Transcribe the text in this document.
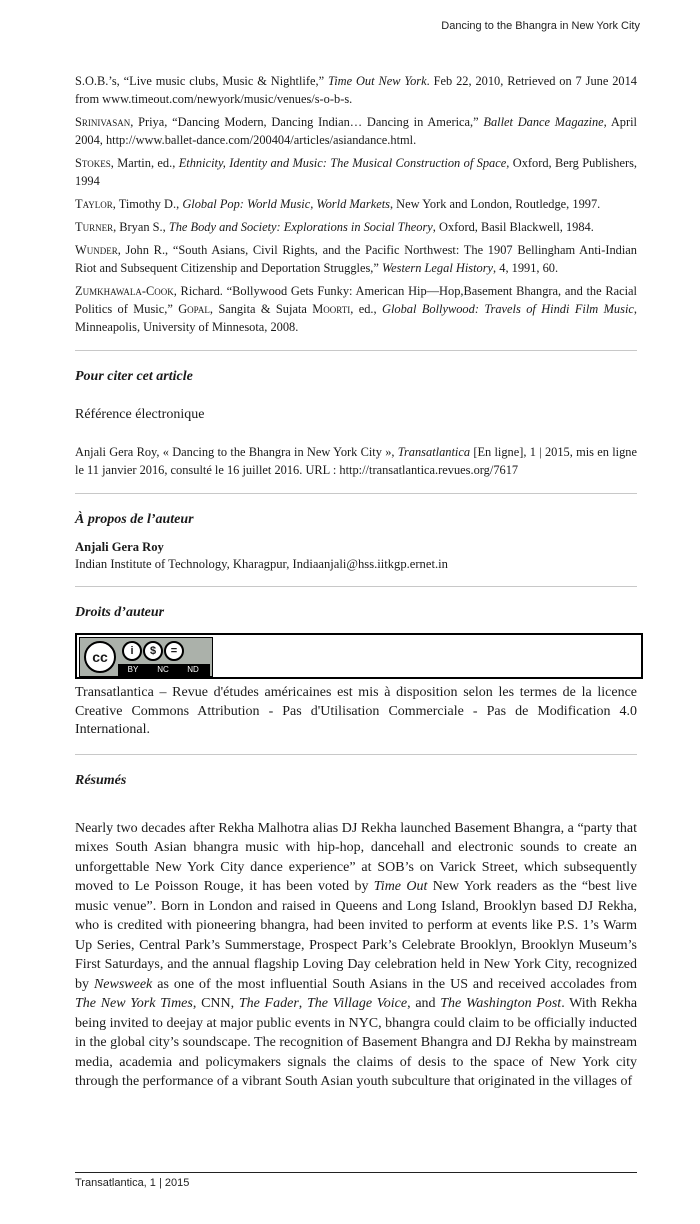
Dancing to the Bhangra in New York City

S.O.B.’s, “Live music clubs, Music & Nightlife,” Time Out New York. Feb 22, 2010, Retrieved on 7 June 2014 from www.timeout.com/newyork/music/venues/s-o-b-s.

Srinivasan, Priya, “Dancing Modern, Dancing Indian… Dancing in America,” Ballet Dance Magazine, April 2004, http://www.ballet-dance.com/200404/articles/asiandance.html.

Stokes, Martin, ed., Ethnicity, Identity and Music: The Musical Construction of Space, Oxford, Berg Publishers, 1994

Taylor, Timothy D., Global Pop: World Music, World Markets, New York and London, Routledge, 1997.

Turner, Bryan S., The Body and Society: Explorations in Social Theory, Oxford, Basil Blackwell, 1984.

Wunder, John R., “South Asians, Civil Rights, and the Pacific Northwest: The 1907 Bellingham Anti-Indian Riot and Subsequent Citizenship and Deportation Struggles,” Western Legal History, 4, 1991, 60.

Zumkhawala-Cook, Richard. “Bollywood Gets Funky: American Hip—Hop,Basement Bhangra, and the Racial Politics of Music,” Gopal, Sangita & Sujata Moorti, ed., Global Bollywood: Travels of Hindi Film Music, Minneapolis, University of Minnesota, 2008.

Pour citer cet article

Référence électronique

Anjali Gera Roy, « Dancing to the Bhangra in New York City », Transatlantica [En ligne], 1 | 2015, mis en ligne le 11 janvier 2016, consulté le 16 juillet 2016. URL : http://transatlantica.revues.org/7617

À propos de l’auteur

Anjali Gera Roy

Indian Institute of Technology, Kharagpur, Indiaanjali@hss.iitkgp.ernet.in

Droits d’auteur

cc	i $ =
BY NC ND

Transatlantica – Revue d'études américaines est mis à disposition selon les termes de la licence Creative Commons Attribution - Pas d'Utilisation Commerciale - Pas de Modification 4.0 International.

Résumés

Nearly two decades after Rekha Malhotra alias DJ Rekha launched Basement Bhangra, a “party that mixes South Asian bhangra music with hip-hop, dancehall and electronic sounds to create an unforgettable New York City dance experience” at SOB’s on Varick Street, which subsequently moved to Le Poisson Rouge, it has been voted by Time Out New York readers as the “best live music venue”. Born in London and raised in Queens and Long Island, Brooklyn based DJ Rekha, who is credited with pioneering bhangra, had been invited to perform at events like P.S. 1’s Warm Up Series, Central Park’s Summerstage, Prospect Park’s Celebrate Brooklyn, Brooklyn Museum’s First Saturdays, and the annual flagship Loving Day celebration held in New York City, recognized by Newsweek as one of the most influential South Asians in the US and received accolades from The New York Times, CNN, The Fader, The Village Voice, and The Washington Post. With Rekha being invited to deejay at major public events in NYC, bhangra could claim to be officially inducted in the global city’s soundscape. The recognition of Basement Bhangra and DJ Rekha by mainstream media, academia and policymakers signals the claims of desis to the space of New York city through the performance of a vibrant South Asian youth subculture that originated in the villages of

Transatlantica, 1 | 2015
